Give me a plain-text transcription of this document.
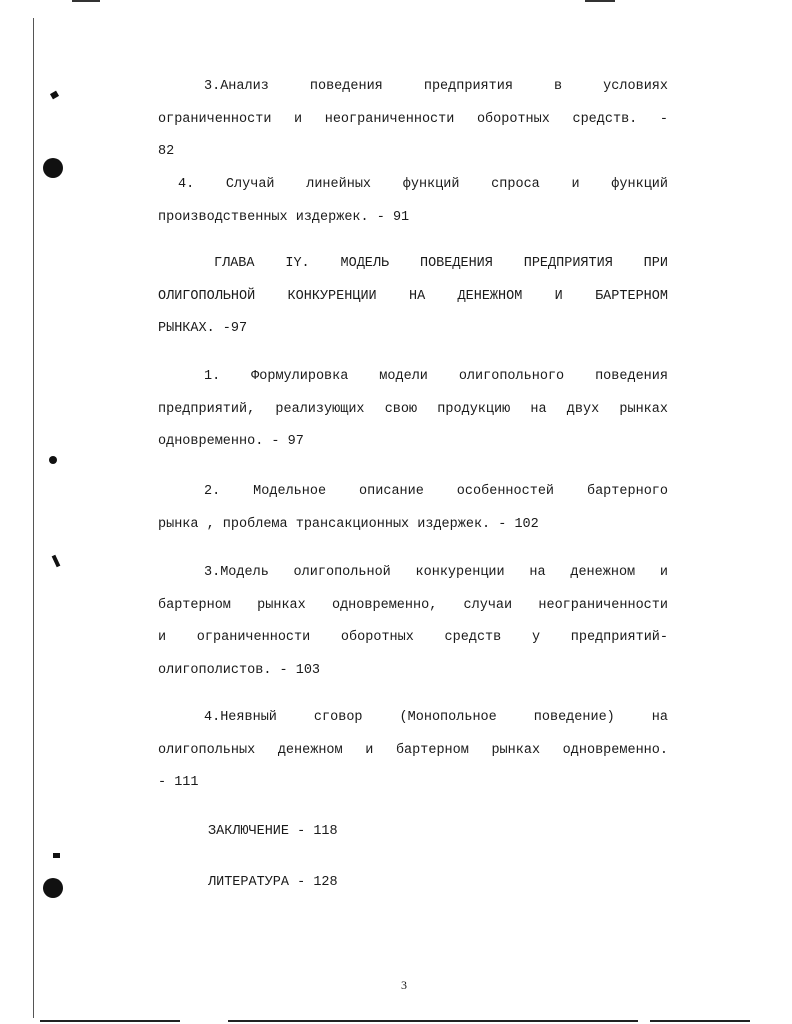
3.Анализ поведения предприятия в условиях
ограниченности и неограниченности оборотных средств. -
82
4. Случай линейных функций спроса и функций
производственных издержек. - 91
ГЛАВА IY. МОДЕЛЬ ПОВЕДЕНИЯ ПРЕДПРИЯТИЯ ПРИ
ОЛИГОПОЛЬНОЙ КОНКУРЕНЦИИ НА ДЕНЕЖНОМ И БАРТЕРНОМ
РЫНКАХ. -97
1. Формулировка модели олигопольного поведения
предприятий, реализующих свою продукцию на двух рынках
одновременно. - 97
2. Модельное описание особенностей бартерного
рынка , проблема трансакционных издержек. - 102
3.Модель олигопольной конкуренции на денежном и
бартерном рынках одновременно, случаи неограниченности
и ограниченности оборотных средств у предприятий-
олигополистов. - 103
4.Неявный сговор (Монопольное поведение) на
олигопольных денежном и бартерном рынках одновременно.
- 111
ЗАКЛЮЧЕНИЕ - 118
ЛИТЕРАТУРА - 128
3
